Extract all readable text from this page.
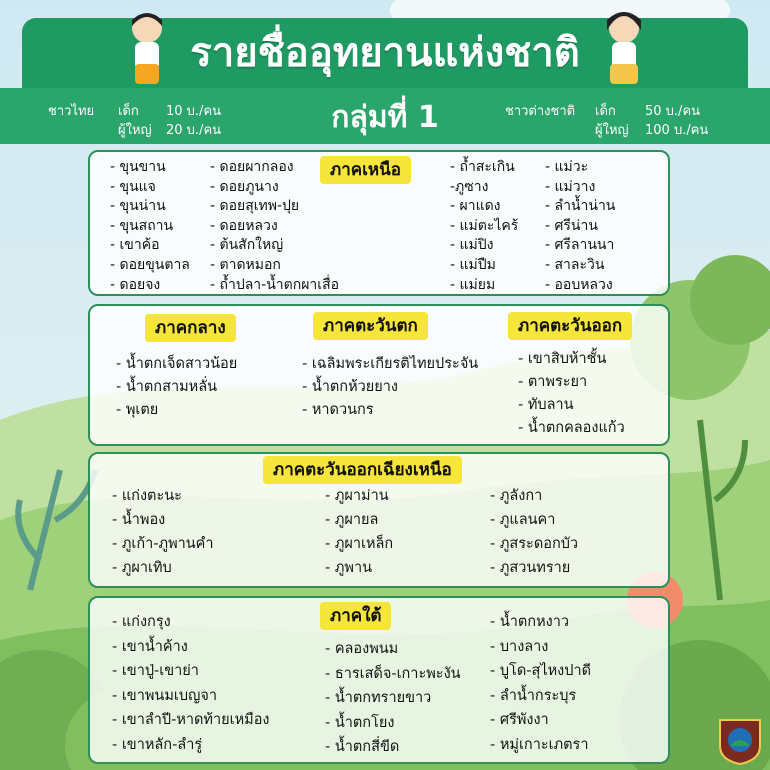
รายชื่ออุทยานแห่งชาติ
ชาวไทย เด็ก 10 บ./คน
ผู้ใหญ่ 20 บ./คน	กลุ่มที่ 1	ชาวต่างชาติ เด็ก 50 บ./คน
ผู้ใหญ่ 100 บ./คน
ภาคเหนือ
- ขุนขาน
- ขุนแจ
- ขุนน่าน
- ขุนสถาน
- เขาค้อ
- ดอยขุนตาล
- ดอยจง
- ดอยผากลอง
- ดอยภูนาง
- ดอยสุเทพ-ปุย
- ดอยหลวง
- ต้นสักใหญ่
- ตาดหมอก
- ถ้ำปลา-น้ำตกผาเสื่อ
- ถ้ำสะเกิน
-ภูซาง
- ผาแดง
- แม่ตะไคร้
- แม่ปิง
- แม่ปืม
- แม่ยม
- แม่วะ
- แม่วาง
- ลำน้ำน่าน
- ศรีน่าน
- ศรีลานนา
- สาละวิน
- ออบหลวง
ภาคกลาง	ภาคตะวันตก	ภาคตะวันออก
- น้ำตกเจ็ดสาวน้อย
- น้ำตกสามหลั่น
- พุเตย
- เฉลิมพระเกียรติไทยประจัน
- น้ำตกห้วยยาง
- หาดวนกร
- เขาสิบห้าชั้น
- ตาพระยา
- ทับลาน
- น้ำตกคลองแก้ว
ภาคตะวันออกเฉียงเหนือ
- แก่งตะนะ
- น้ำพอง
- ภูเก้า-ภูพานคำ
- ภูผาเทิบ
- ภูผาม่าน
- ภูผายล
- ภูผาเหล็ก
- ภูพาน
- ภูลังกา
- ภูแลนคา
- ภูสระดอกบัว
- ภูสวนทราย
ภาคใต้
- แก่งกรุง
- เขาน้ำค้าง
- เขาปู่-เขาย่า
- เขาพนมเบญจา
- เขาลำปี-หาดท้ายเหมือง
- เขาหลัก-ลำรู่
- คลองพนม
- ธารเสด็จ-เกาะพะงัน
- น้ำตกทรายขาว
- น้ำตกโยง
- น้ำตกสี่ขีด
- น้ำตกหงาว
- บางลาง
- บูโด-สุไหงปาดี
- ลำน้ำกระบุร
- ศรีพังงา
- หมู่เกาะเภตรา
